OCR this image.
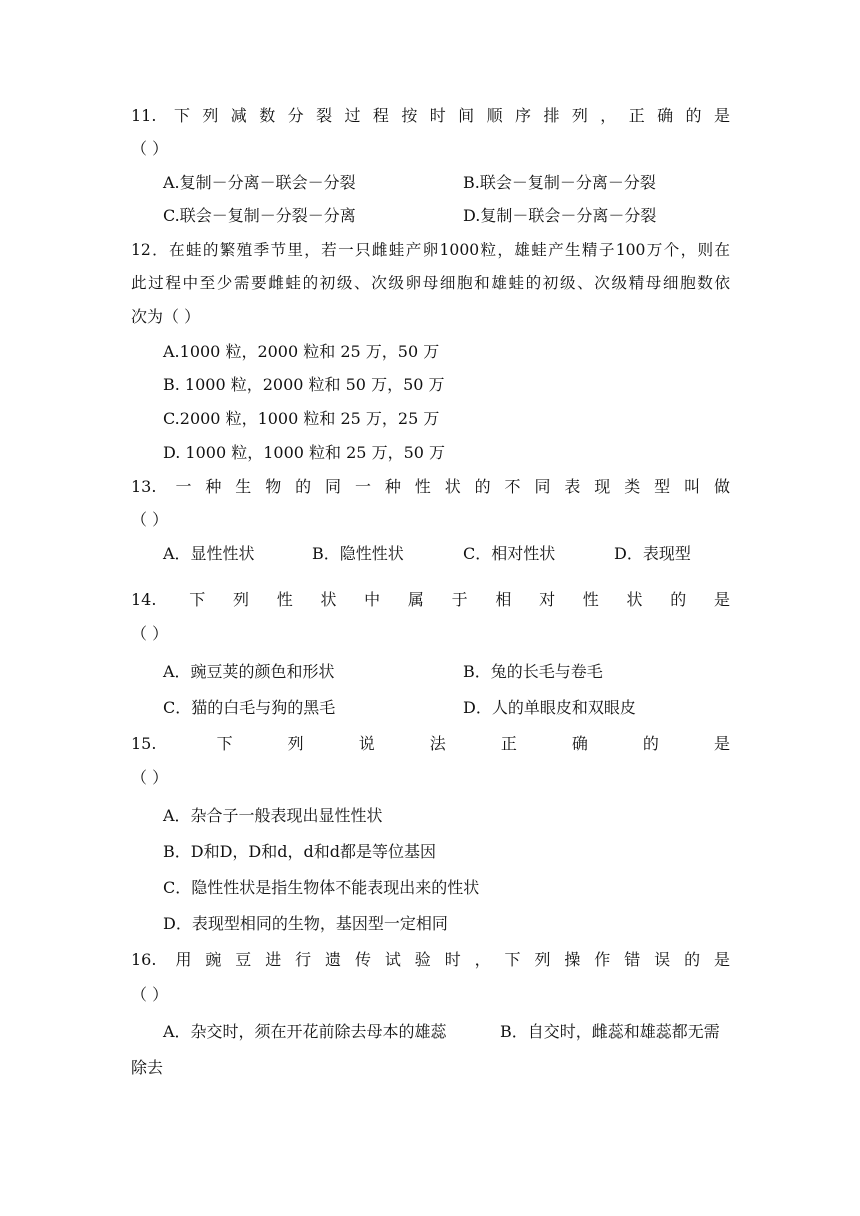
11. 下列减数分裂过程按时间顺序排列，正确的是
（ ）
A.复制－分离－联会－分裂	B.联会－复制－分离－分裂
C.联会－复制－分裂－分离	D.复制－联会－分离－分裂
12．在蛙的繁殖季节里，若一只雌蛙产卵1000粒，雄蛙产生精子100万个，则在
此过程中至少需要雌蛙的初级、次级卵母细胞和雄蛙的初级、次级精母细胞数依
次为（ ）
A.1000 粒，2000 粒和 25 万，50 万
B. 1000 粒，2000 粒和 50 万，50 万
C.2000 粒，1000 粒和 25 万，25 万
D. 1000 粒，1000 粒和 25 万，50 万
13. 一种生物的同一种性状的不同表现类型叫做
（ ）
A．显性性状	B．隐性性状	C．相对性状	D．表现型
14. 下列性状中属于相对性状的是
（ ）
A．豌豆荚的颜色和形状	B．兔的长毛与卷毛
C．猫的白毛与狗的黑毛	D．人的单眼皮和双眼皮
15. 下列说法正确的是
（ ）
A．杂合子一般表现出显性性状
B．D和D，D和d，d和d都是等位基因
C．隐性性状是指生物体不能表现出来的性状
D．表现型相同的生物，基因型一定相同
16. 用豌豆进行遗传试验时，下列操作错误的是
（ ）
A．杂交时，须在开花前除去母本的雄蕊	B．自交时，雌蕊和雄蕊都无需
除去
